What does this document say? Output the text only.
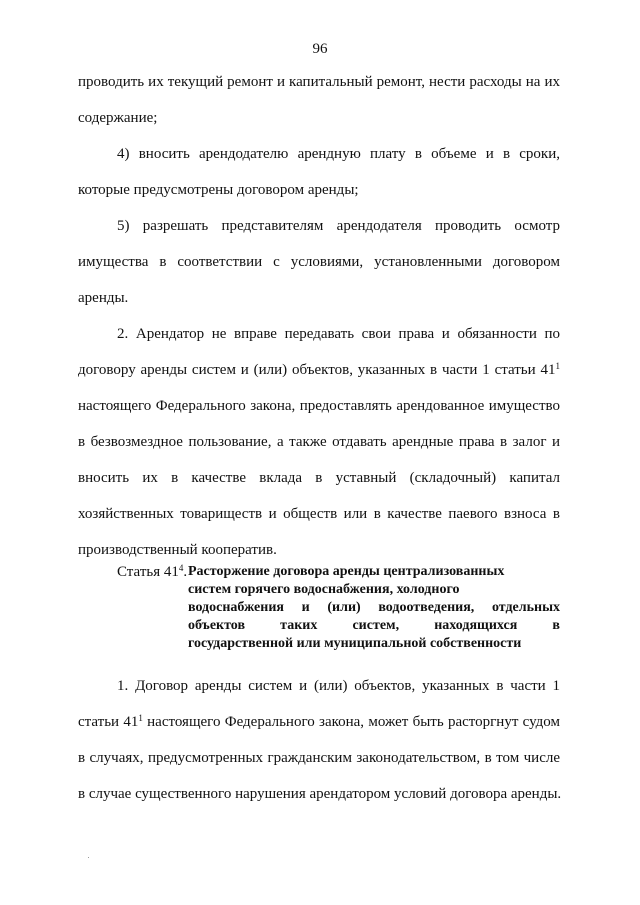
96
проводить их текущий ремонт и капитальный ремонт, нести расходы на их
содержание;
4) вносить арендодателю арендную плату в объеме и в сроки,
которые предусмотрены договором аренды;
5) разрешать представителям арендодателя проводить осмотр
имущества в соответствии с условиями, установленными договором
аренды.
2. Арендатор не вправе передавать свои права и обязанности по
договору аренды систем и (или) объектов, указанных в части 1 статьи $41^1$
настоящего Федерального закона, предоставлять арендованное имущество
в безвозмездное пользование, а также отдавать арендные права в залог и
вносить их в качестве вклада в уставный (складочный) капитал
хозяйственных товариществ и обществ или в качестве паевого взноса в
производственный кооператив.
Статья $41^4$. Расторжение договора аренды централизованных
систем горячего водоснабжения, холодного
водоснабжения и (или) водоотведения, отдельных
объектов таких систем, находящихся в
государственной или муниципальной собственности
1. Договор аренды систем и (или) объектов, указанных в части 1
статьи $41^1$ настоящего Федерального закона, может быть расторгнут судом
в случаях, предусмотренных гражданским законодательством, в том числе
в случае существенного нарушения арендатором условий договора аренды.
